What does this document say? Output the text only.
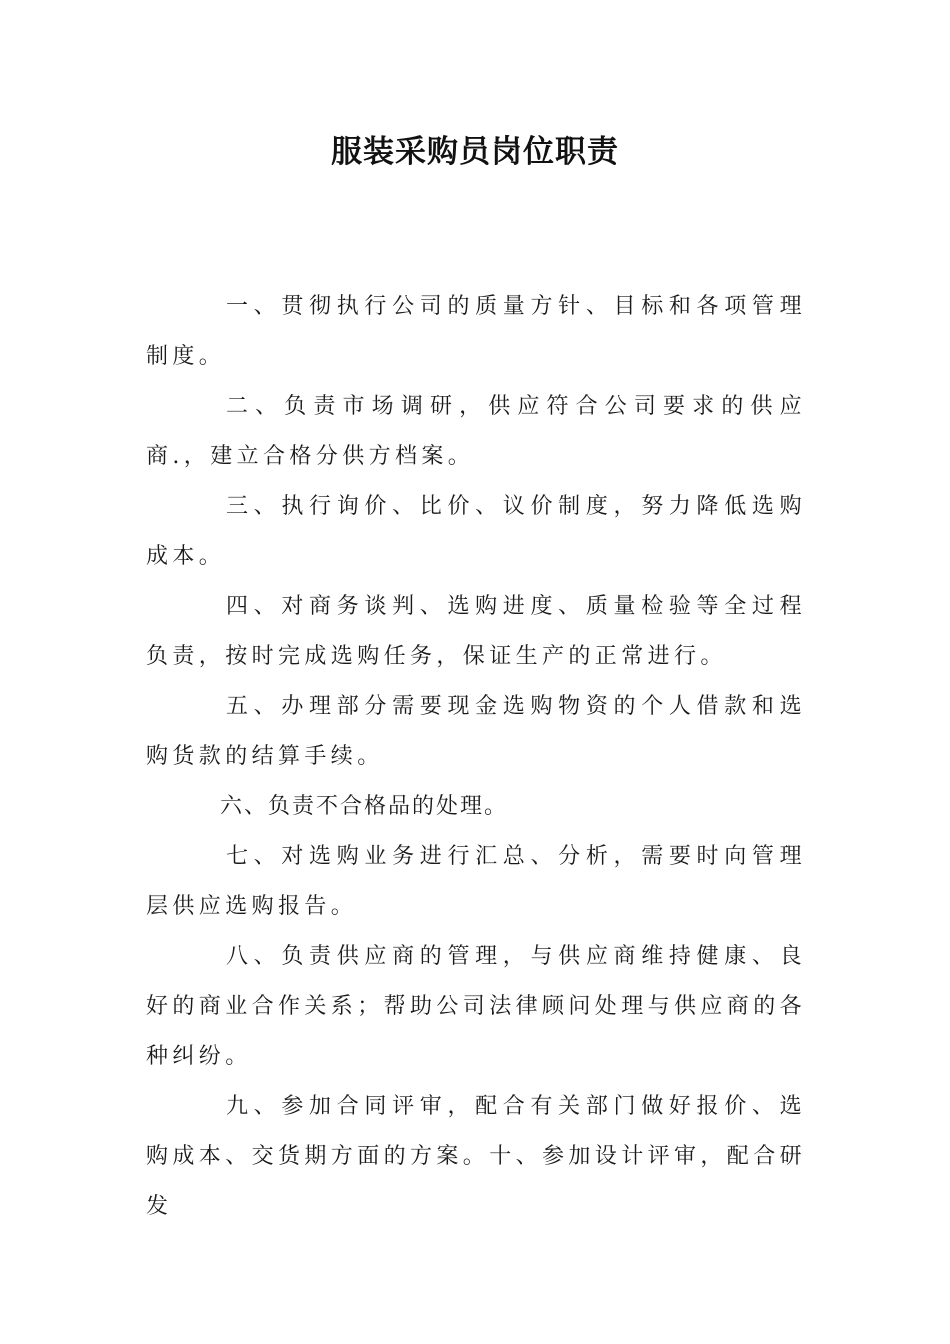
服装采购员岗位职责

一、贯彻执行公司的质量方针、目标和各项管理制度。

二、负责市场调研，供应符合公司要求的供应商.，建立合格分供方档案。

三、执行询价、比价、议价制度，努力降低选购成本。

四、对商务谈判、选购进度、质量检验等全过程负责，按时完成选购任务，保证生产的正常进行。

五、办理部分需要现金选购物资的个人借款和选购货款的结算手续。

六、负责不合格品的处理。

七、对选购业务进行汇总、分析，需要时向管理层供应选购报告。

八、负责供应商的管理，与供应商维持健康、良好的商业合作关系；帮助公司法律顾问处理与供应商的各种纠纷。

九、参加合同评审，配合有关部门做好报价、选购成本、交货期方面的方案。十、参加设计评审，配合研发
